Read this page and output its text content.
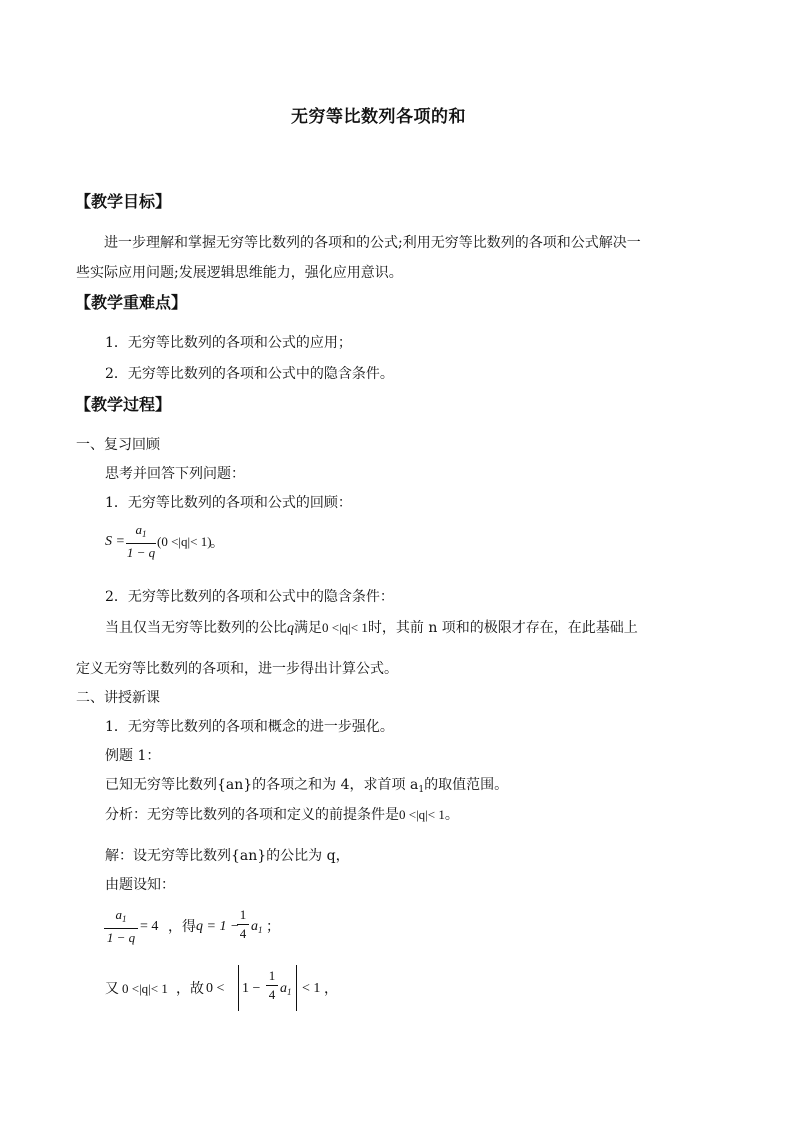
无穷等比数列各项的和
【教学目标】
进一步理解和掌握无穷等比数列的各项和的公式;利用无穷等比数列的各项和公式解决一
些实际应用问题;发展逻辑思维能力，强化应用意识。
【教学重难点】
1．无穷等比数列的各项和公式的应用；
2．无穷等比数列的各项和公式中的隐含条件。
【教学过程】
一、复习回顾
思考并回答下列问题：
1．无穷等比数列的各项和公式的回顾：
S =
$a_1$
1 − q
(0 <|q|< 1)
。
2．无穷等比数列的各项和公式中的隐含条件：
当且仅当无穷等比数列的公比q满足0 <|q|< 1时，其前 n 项和的极限才存在，在此基础上
定义无穷等比数列的各项和，进一步得出计算公式。
二、讲授新课
1．无穷等比数列的各项和概念的进一步强化。
例题 1：
已知无穷等比数列{an}的各项之和为 4，求首项 $a_1$的取值范围。
分析：无穷等比数列的各项和定义的前提条件是0 <|q|< 1。
解：设无穷等比数列{an}的公比为 q，
由题设知：
$a_1$
1 − q
= 4 ，得 q = 1 −
1
4 $a_1$ ；
又 0 <|q|< 1 ，故 0 < 1 −
1
4 $a_1 < 1$ ，
